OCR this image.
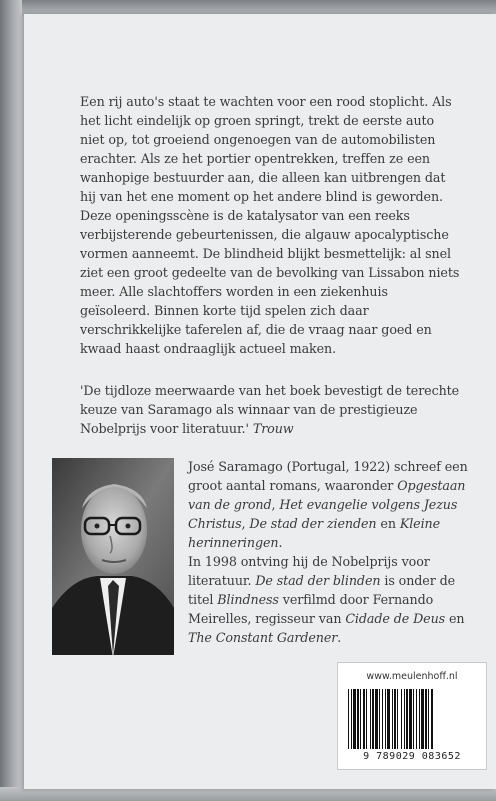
Een rij auto's staat te wachten voor een rood stoplicht. Als het licht eindelijk op groen springt, trekt de eerste auto niet op, tot groeiend ongenoegen van de automobilisten erachter. Als ze het portier opentrekken, treffen ze een wanhopige bestuurder aan, die alleen kan uitbrengen dat hij van het ene moment op het andere blind is geworden.

Deze openingsscène is de katalysator van een reeks verbijsterende gebeurtenissen, die algauw apocalyptische vormen aanneemt. De blindheid blijkt besmettelijk: al snel ziet een groot gedeelte van de bevolking van Lissabon niets meer. Alle slachtoffers worden in een ziekenhuis geïsoleerd. Binnen korte tijd spelen zich daar verschrikkelijke taferelen af, die de vraag naar goed en kwaad haast ondraaglijk actueel maken.

'De tijdloze meerwaarde van het boek bevestigt de terechte keuze van Saramago als winnaar van de prestigieuze Nobelprijs voor literatuur.' Trouw

José Saramago (Portugal, 1922) schreef een groot aantal romans, waaronder Opgestaan van de grond, Het evangelie volgens Jezus Christus, De stad der zienden en Kleine herinneringen.

In 1998 ontving hij de Nobelprijs voor literatuur. De stad der blinden is onder de titel Blindness verfilmd door Fernando Meirelles, regisseur van Cidade de Deus en The Constant Gardener.

www.meulenhoff.nl
9 789029 083652
